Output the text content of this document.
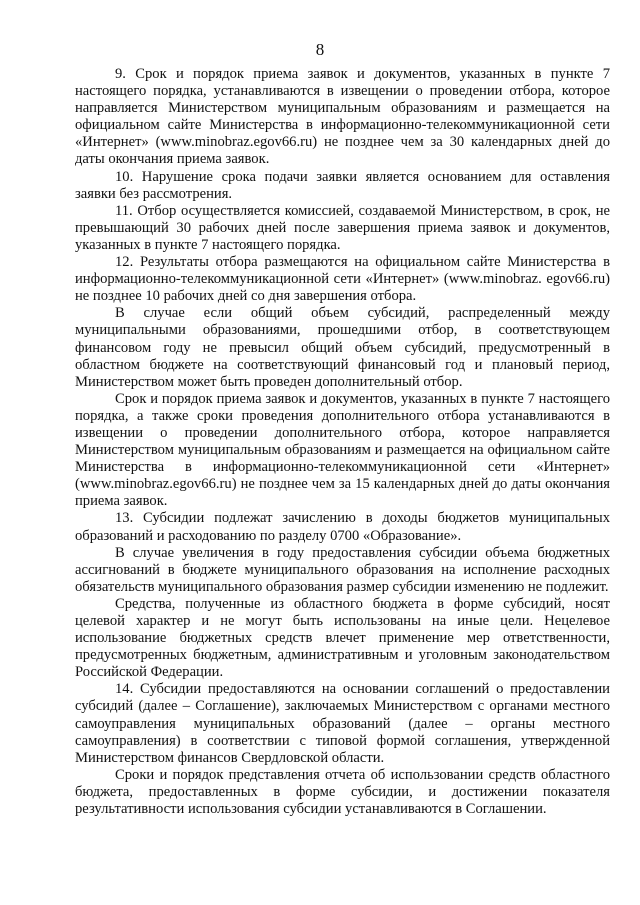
8

9. Срок и порядок приема заявок и документов, указанных в пункте 7 настоящего порядка, устанавливаются в извещении о проведении отбора, которое направляется Министерством муниципальным образованиям и размещается на официальном сайте Министерства в информационно-телекоммуникационной сети «Интернет» (www.minobraz.egov66.ru) не позднее чем за 30 календарных дней до даты окончания приема заявок.

10. Нарушение срока подачи заявки является основанием для оставления заявки без рассмотрения.

11. Отбор осуществляется комиссией, создаваемой Министерством, в срок, не превышающий 30 рабочих дней после завершения приема заявок и документов, указанных в пункте 7 настоящего порядка.

12. Результаты отбора размещаются на официальном сайте Министерства в информационно-телекоммуникационной сети «Интернет» (www.minobraz. egov66.ru) не позднее 10 рабочих дней со дня завершения отбора.

В случае если общий объем субсидий, распределенный между муниципальными образованиями, прошедшими отбор, в соответствующем финансовом году не превысил общий объем субсидий, предусмотренный в областном бюджете на соответствующий финансовый год и плановый период, Министерством может быть проведен дополнительный отбор.

Срок и порядок приема заявок и документов, указанных в пункте 7 настоящего порядка, а также сроки проведения дополнительного отбора устанавливаются в извещении о проведении дополнительного отбора, которое направляется Министерством муниципальным образованиям и размещается на официальном сайте Министерства в информационно-телекоммуникационной сети «Интернет» (www.minobraz.egov66.ru) не позднее чем за 15 календарных дней до даты окончания приема заявок.

13. Субсидии подлежат зачислению в доходы бюджетов муниципальных образований и расходованию по разделу 0700 «Образование».

В случае увеличения в году предоставления субсидии объема бюджетных ассигнований в бюджете муниципального образования на исполнение расходных обязательств муниципального образования размер субсидии изменению не подлежит.

Средства, полученные из областного бюджета в форме субсидий, носят целевой характер и не могут быть использованы на иные цели. Нецелевое использование бюджетных средств влечет применение мер ответственности, предусмотренных бюджетным, административным и уголовным законодательством Российской Федерации.

14. Субсидии предоставляются на основании соглашений о предоставлении субсидий (далее – Соглашение), заключаемых Министерством с органами местного самоуправления муниципальных образований (далее – органы местного самоуправления) в соответствии с типовой формой соглашения, утвержденной Министерством финансов Свердловской области.

Сроки и порядок представления отчета об использовании средств областного бюджета, предоставленных в форме субсидии, и достижении показателя результативности использования субсидии устанавливаются в Соглашении.
